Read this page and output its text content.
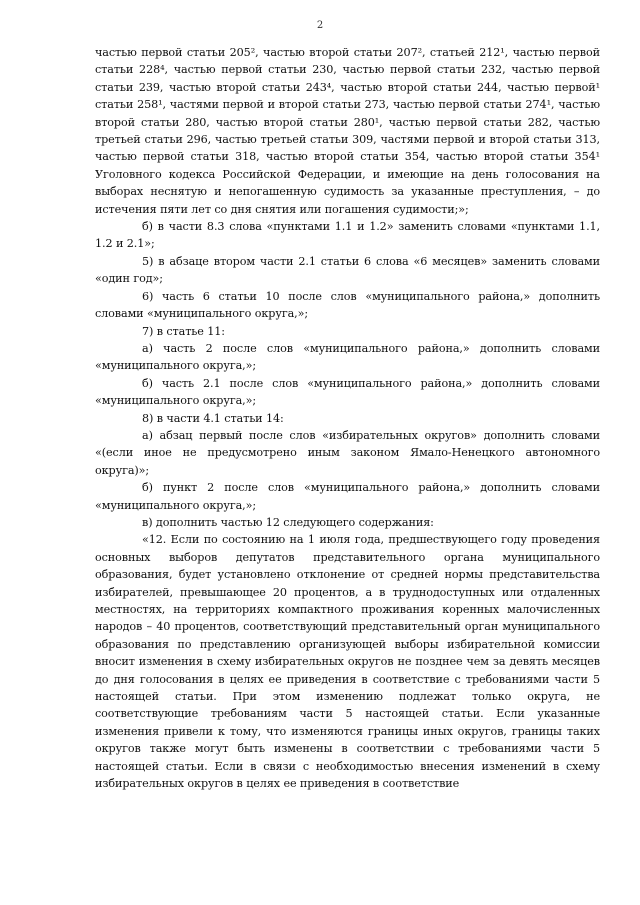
2

частью первой статьи 205², частью второй статьи 207², статьей 212¹, частью первой статьи 228⁴, частью первой статьи 230, частью первой статьи 232, частью первой статьи 239, частью второй статьи 243⁴, частью второй статьи 244, частью первой¹ статьи 258¹, частями первой и второй статьи 273, частью первой статьи 274¹, частью второй статьи 280, частью второй статьи 280¹, частью первой статьи 282, частью третьей статьи 296, частью третьей статьи 309, частями первой и второй статьи 313, частью первой статьи 318, частью второй статьи 354, частью второй статьи 354¹ Уголовного кодекса Российской Федерации, и имеющие на день голосования на выборах неснятую и непогашенную судимость за указанные преступления, – до истечения пяти лет со дня снятия или погашения судимости;»;

б) в части 8.3 слова «пунктами 1.1 и 1.2» заменить словами «пунктами 1.1, 1.2 и 2.1»;

5) в абзаце втором части 2.1 статьи 6 слова «6 месяцев» заменить словами «один год»;

6) часть 6 статьи 10 после слов «муниципального района,» дополнить словами «муниципального округа,»;

7) в статье 11:

а) часть 2 после слов «муниципального района,» дополнить словами «муниципального округа,»;

б) часть 2.1 после слов «муниципального района,» дополнить словами «муниципального округа,»;

8) в части 4.1 статьи 14:

а) абзац первый после слов «избирательных округов» дополнить словами «(если иное не предусмотрено иным законом Ямало-Ненецкого автономного округа)»;

б) пункт 2 после слов «муниципального района,» дополнить словами «муниципального округа,»;

в) дополнить частью 12 следующего содержания:

«12. Если по состоянию на 1 июля года, предшествующего году проведения основных выборов депутатов представительного органа муниципального образования, будет установлено отклонение от средней нормы представительства избирателей, превышающее 20 процентов, а в труднодоступных или отдаленных местностях, на территориях компактного проживания коренных малочисленных народов – 40 процентов, соответствующий представительный орган муниципального образования по представлению организующей выборы избирательной комиссии вносит изменения в схему избирательных округов не позднее чем за девять месяцев до дня голосования в целях ее приведения в соответствие с требованиями части 5 настоящей статьи. При этом изменению подлежат только округа, не соответствующие требованиям части 5 настоящей статьи. Если указанные изменения привели к тому, что изменяются границы иных округов, границы таких округов также могут быть изменены в соответствии с требованиями части 5 настоящей статьи. Если в связи с необходимостью внесения изменений в схему избирательных округов в целях ее приведения в соответствие
